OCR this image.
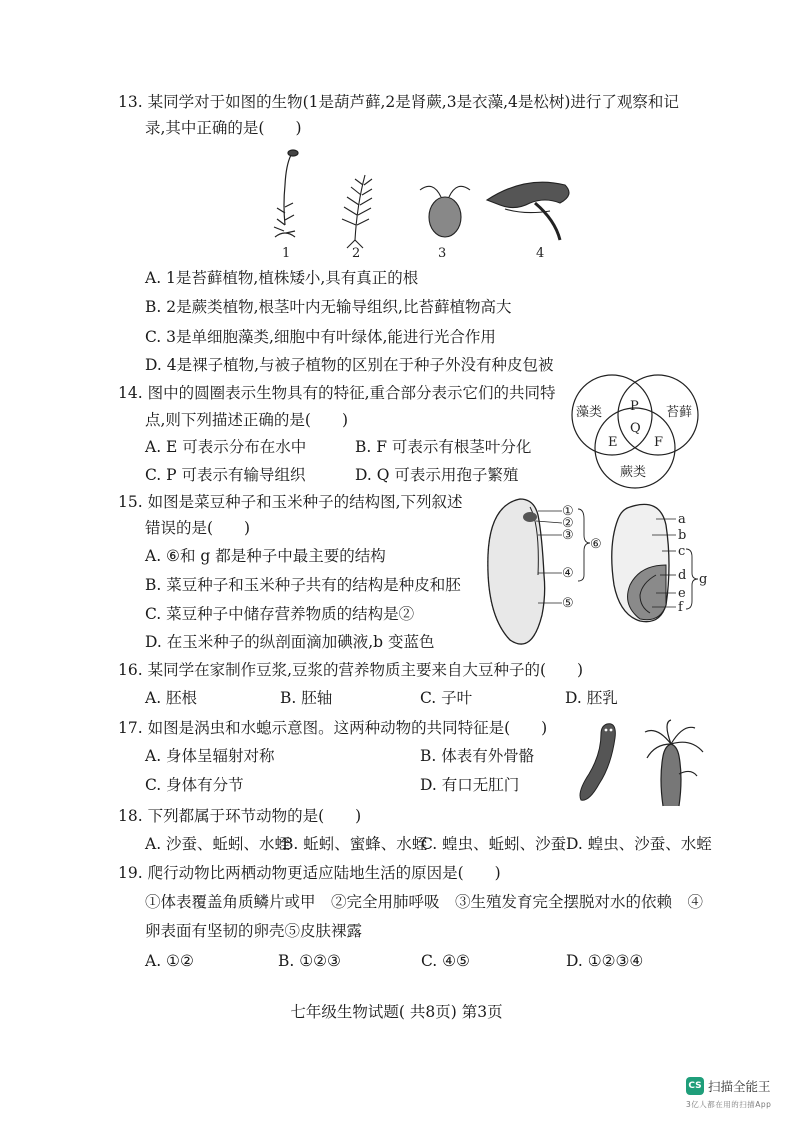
13. 某同学对于如图的生物(1是葫芦藓,2是肾蕨,3是衣藻,4是松树)进行了观察和记
录,其中正确的是(　　)
1	2	3	4
A. 1是苔藓植物,植株矮小,具有真正的根
B. 2是蕨类植物,根茎叶内无输导组织,比苔藓植物高大
C. 3是单细胞藻类,细胞中有叶绿体,能进行光合作用
D. 4是裸子植物,与被子植物的区别在于种子外没有种皮包被
14. 图中的圆圈表示生物具有的特征,重合部分表示它们的共同特
点,则下列描述正确的是(　　)
A. E 可表示分布在水中	B. F 可表示有根茎叶分化
C. P 可表示有输导组织	D. Q 可表示用孢子繁殖
藻类	苔藓
蕨类
P
Q
E	F
15. 如图是菜豆种子和玉米种子的结构图,下列叙述
错误的是(　　)
A. ⑥和 g 都是种子中最主要的结构
B. 菜豆种子和玉米种子共有的结构是种皮和胚
C. 菜豆种子中储存营养物质的结构是②
D. 在玉米种子的纵剖面滴加碘液,b 变蓝色
①
②
③
④
⑤
⑥
a
b
c
d
e
f
g
16. 某同学在家制作豆浆,豆浆的营养物质主要来自大豆种子的(　　)
A. 胚根	B. 胚轴	C. 子叶	D. 胚乳
17. 如图是涡虫和水螅示意图。这两种动物的共同特征是(　　)
A. 身体呈辐射对称	B. 体表有外骨骼
C. 身体有分节	D. 有口无肛门
18. 下列都属于环节动物的是(　　)
A. 沙蚕、蚯蚓、水蛭
B. 蚯蚓、蜜蜂、水蛭
C. 蝗虫、蚯蚓、沙蚕 D. 蝗虫、沙蚕、水蛭
19. 爬行动物比两栖动物更适应陆地生活的原因是(　　)
①体表覆盖角质鳞片或甲　②完全用肺呼吸　③生殖发育完全摆脱对水的依赖　④
卵表面有坚韧的卵壳⑤皮肤裸露
A. ①②	B. ①②③	C. ④⑤	D. ①②③④
七年级生物试题( 共8页) 第3页
CS 扫描全能王
3亿人都在用的扫描App
